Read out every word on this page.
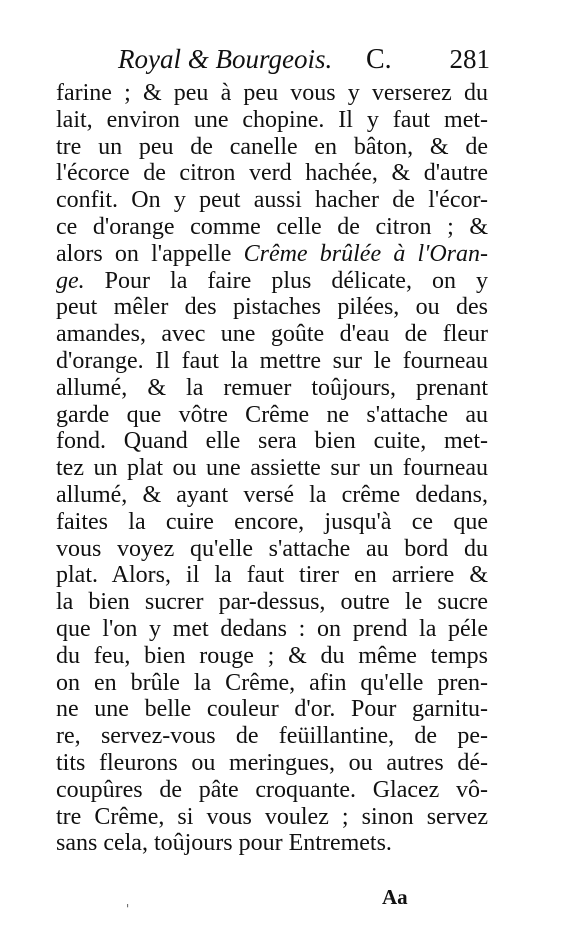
Royal & Bourgeois. C. 281
farine ; & peu à peu vous y verserez du
lait, environ une chopine. Il y faut met-
tre un peu de canelle en bâton, & de
l'écorce de citron verd hachée, & d'autre
confit. On y peut aussi hacher de l'écor-
ce d'orange comme celle de citron ; &
alors on l'appelle Crême brûlée à l'Oran-
ge. Pour la faire plus délicate, on y
peut mêler des pistaches pilées, ou des
amandes, avec une goûte d'eau de fleur
d'orange. Il faut la mettre sur le fourneau
allumé, & la remuer toûjours, prenant
garde que vôtre Crême ne s'attache au
fond. Quand elle sera bien cuite, met-
tez un plat ou une assiette sur un fourneau
allumé, & ayant versé la crême dedans,
faites la cuire encore, jusqu'à ce que
vous voyez qu'elle s'attache au bord du
plat. Alors, il la faut tirer en arriere &
la bien sucrer par-dessus, outre le sucre
que l'on y met dedans : on prend la péle
du feu, bien rouge ; & du même temps
on en brûle la Crême, afin qu'elle pren-
ne une belle couleur d'or. Pour garnitu-
re, servez-vous de feüillantine, de pe-
tits fleurons ou meringues, ou autres dé-
coupûres de pâte croquante. Glacez vô-
tre Crême, si vous voulez ; sinon servez
sans cela, toûjours pour Entremets.
Aa
'
